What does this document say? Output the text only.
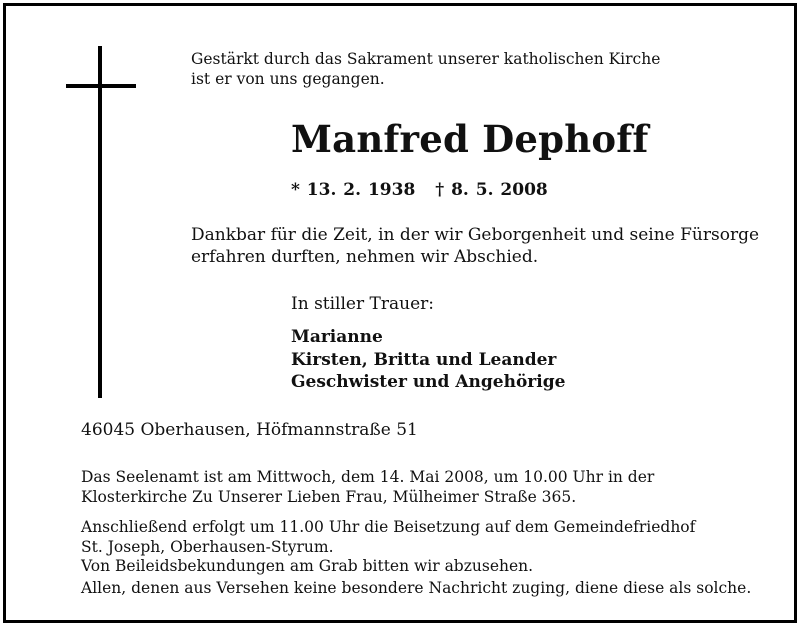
Gestärkt durch das Sakrament unserer katholischen Kirche
ist er von uns gegangen.

Manfred Dephoff

* 13. 2. 1938 † 8. 5. 2008

Dankbar für die Zeit, in der wir Geborgenheit und seine Fürsorge
erfahren durften, nehmen wir Abschied.

In stiller Trauer:

Marianne
Kirsten, Britta und Leander
Geschwister und Angehörige

46045 Oberhausen, Höfmannstraße 51

Das Seelenamt ist am Mittwoch, dem 14. Mai 2008, um 10.00 Uhr in der
Klosterkirche Zu Unserer Lieben Frau, Mülheimer Straße 365.

Anschließend erfolgt um 11.00 Uhr die Beisetzung auf dem Gemeindefriedhof
St. Joseph, Oberhausen-Styrum.
Von Beileidsbekundungen am Grab bitten wir abzusehen.

Allen, denen aus Versehen keine besondere Nachricht zuging, diene diese als solche.
